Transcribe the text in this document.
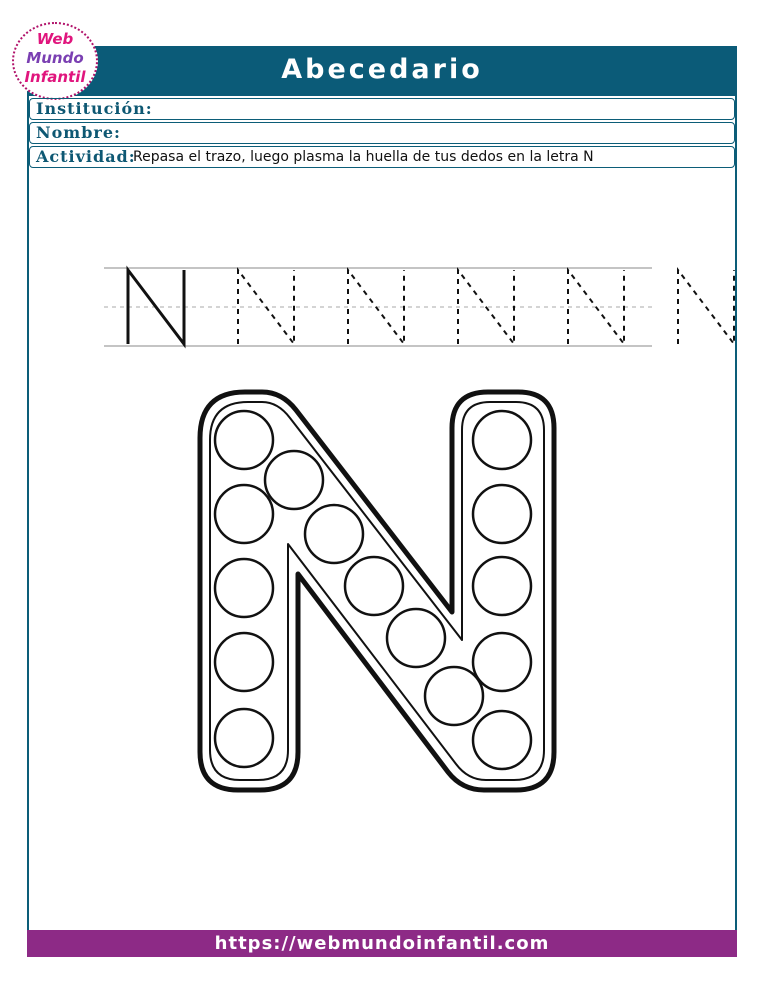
Abecedario
Web
Mundo
Infantil
Institución:
Nombre:
Actividad:
Repasa el trazo, luego plasma la huella de tus dedos en la letra N
https://webmundoinfantil.com
